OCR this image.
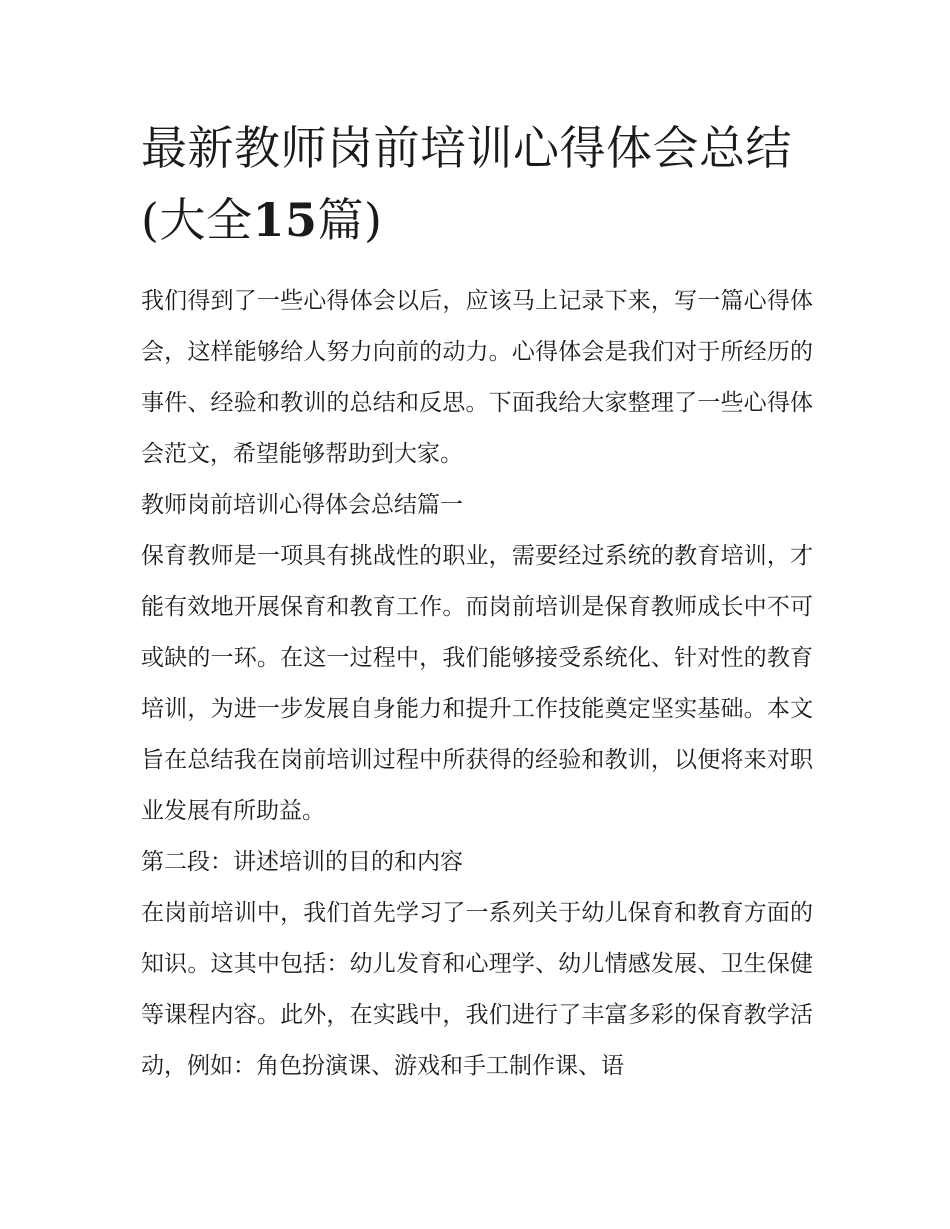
最新教师岗前培训心得体会总结(大全15篇)

我们得到了一些心得体会以后，应该马上记录下来，写一篇心得体会，这样能够给人努力向前的动力。心得体会是我们对于所经历的事件、经验和教训的总结和反思。下面我给大家整理了一些心得体会范文，希望能够帮助到大家。

教师岗前培训心得体会总结篇一

保育教师是一项具有挑战性的职业，需要经过系统的教育培训，才能有效地开展保育和教育工作。而岗前培训是保育教师成长中不可或缺的一环。在这一过程中，我们能够接受系统化、针对性的教育培训，为进一步发展自身能力和提升工作技能奠定坚实基础。本文旨在总结我在岗前培训过程中所获得的经验和教训，以便将来对职业发展有所助益。

第二段：讲述培训的目的和内容

在岗前培训中，我们首先学习了一系列关于幼儿保育和教育方面的知识。这其中包括：幼儿发育和心理学、幼儿情感发展、卫生保健等课程内容。此外，在实践中，我们进行了丰富多彩的保育教学活动，例如：角色扮演课、游戏和手工制作课、语
